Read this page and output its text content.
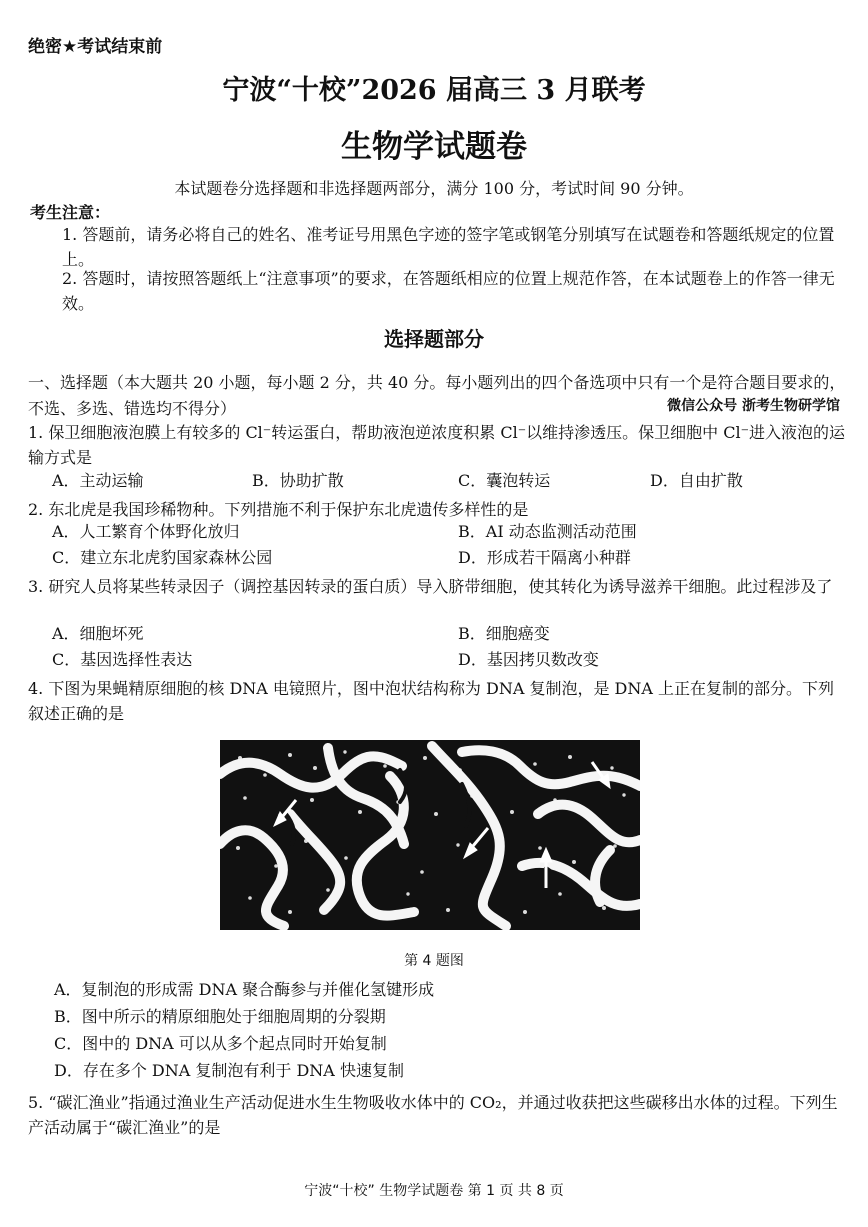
绝密★考试结束前
宁波“十校”2026 届高三 3 月联考
生物学试题卷
本试题卷分选择题和非选择题两部分，满分 100 分，考试时间 90 分钟。
考生注意：
1. 答题前，请务必将自己的姓名、准考证号用黑色字迹的签字笔或钢笔分别填写在试题卷和答题纸规定的位置上。
2. 答题时，请按照答题纸上“注意事项”的要求，在答题纸相应的位置上规范作答，在本试题卷上的作答一律无效。
选择题部分
一、选择题（本大题共 20 小题，每小题 2 分，共 40 分。每小题列出的四个备选项中只有一个是符合题目要求的，不选、多选、错选均不得分）	微信公众号 浙考生物研学馆
1. 保卫细胞液泡膜上有较多的 Cl⁻转运蛋白，帮助液泡逆浓度积累 Cl⁻以维持渗透压。保卫细胞中 Cl⁻进入液泡的运输方式是
A．主动运输	B．协助扩散	C．囊泡转运	D．自由扩散
2. 东北虎是我国珍稀物种。下列措施不利于保护东北虎遗传多样性的是
A．人工繁育个体野化放归	B．AI 动态监测活动范围
C．建立东北虎豹国家森林公园	D．形成若干隔离小种群
3. 研究人员将某些转录因子（调控基因转录的蛋白质）导入脐带细胞，使其转化为诱导滋养干细胞。此过程涉及了
A．细胞坏死	B．细胞癌变
C．基因选择性表达	D．基因拷贝数改变
4. 下图为果蝇精原细胞的核 DNA 电镜照片，图中泡状结构称为 DNA 复制泡，是 DNA 上正在复制的部分。下列叙述正确的是
第 4 题图
A．复制泡的形成需 DNA 聚合酶参与并催化氢键形成
B．图中所示的精原细胞处于细胞周期的分裂期
C．图中的 DNA 可以从多个起点同时开始复制
D．存在多个 DNA 复制泡有利于 DNA 快速复制
5. “碳汇渔业”指通过渔业生产活动促进水生生物吸收水体中的 CO₂，并通过收获把这些碳移出水体的过程。下列生产活动属于“碳汇渔业”的是
宁波“十校” 生物学试题卷 第 1 页 共 8 页
